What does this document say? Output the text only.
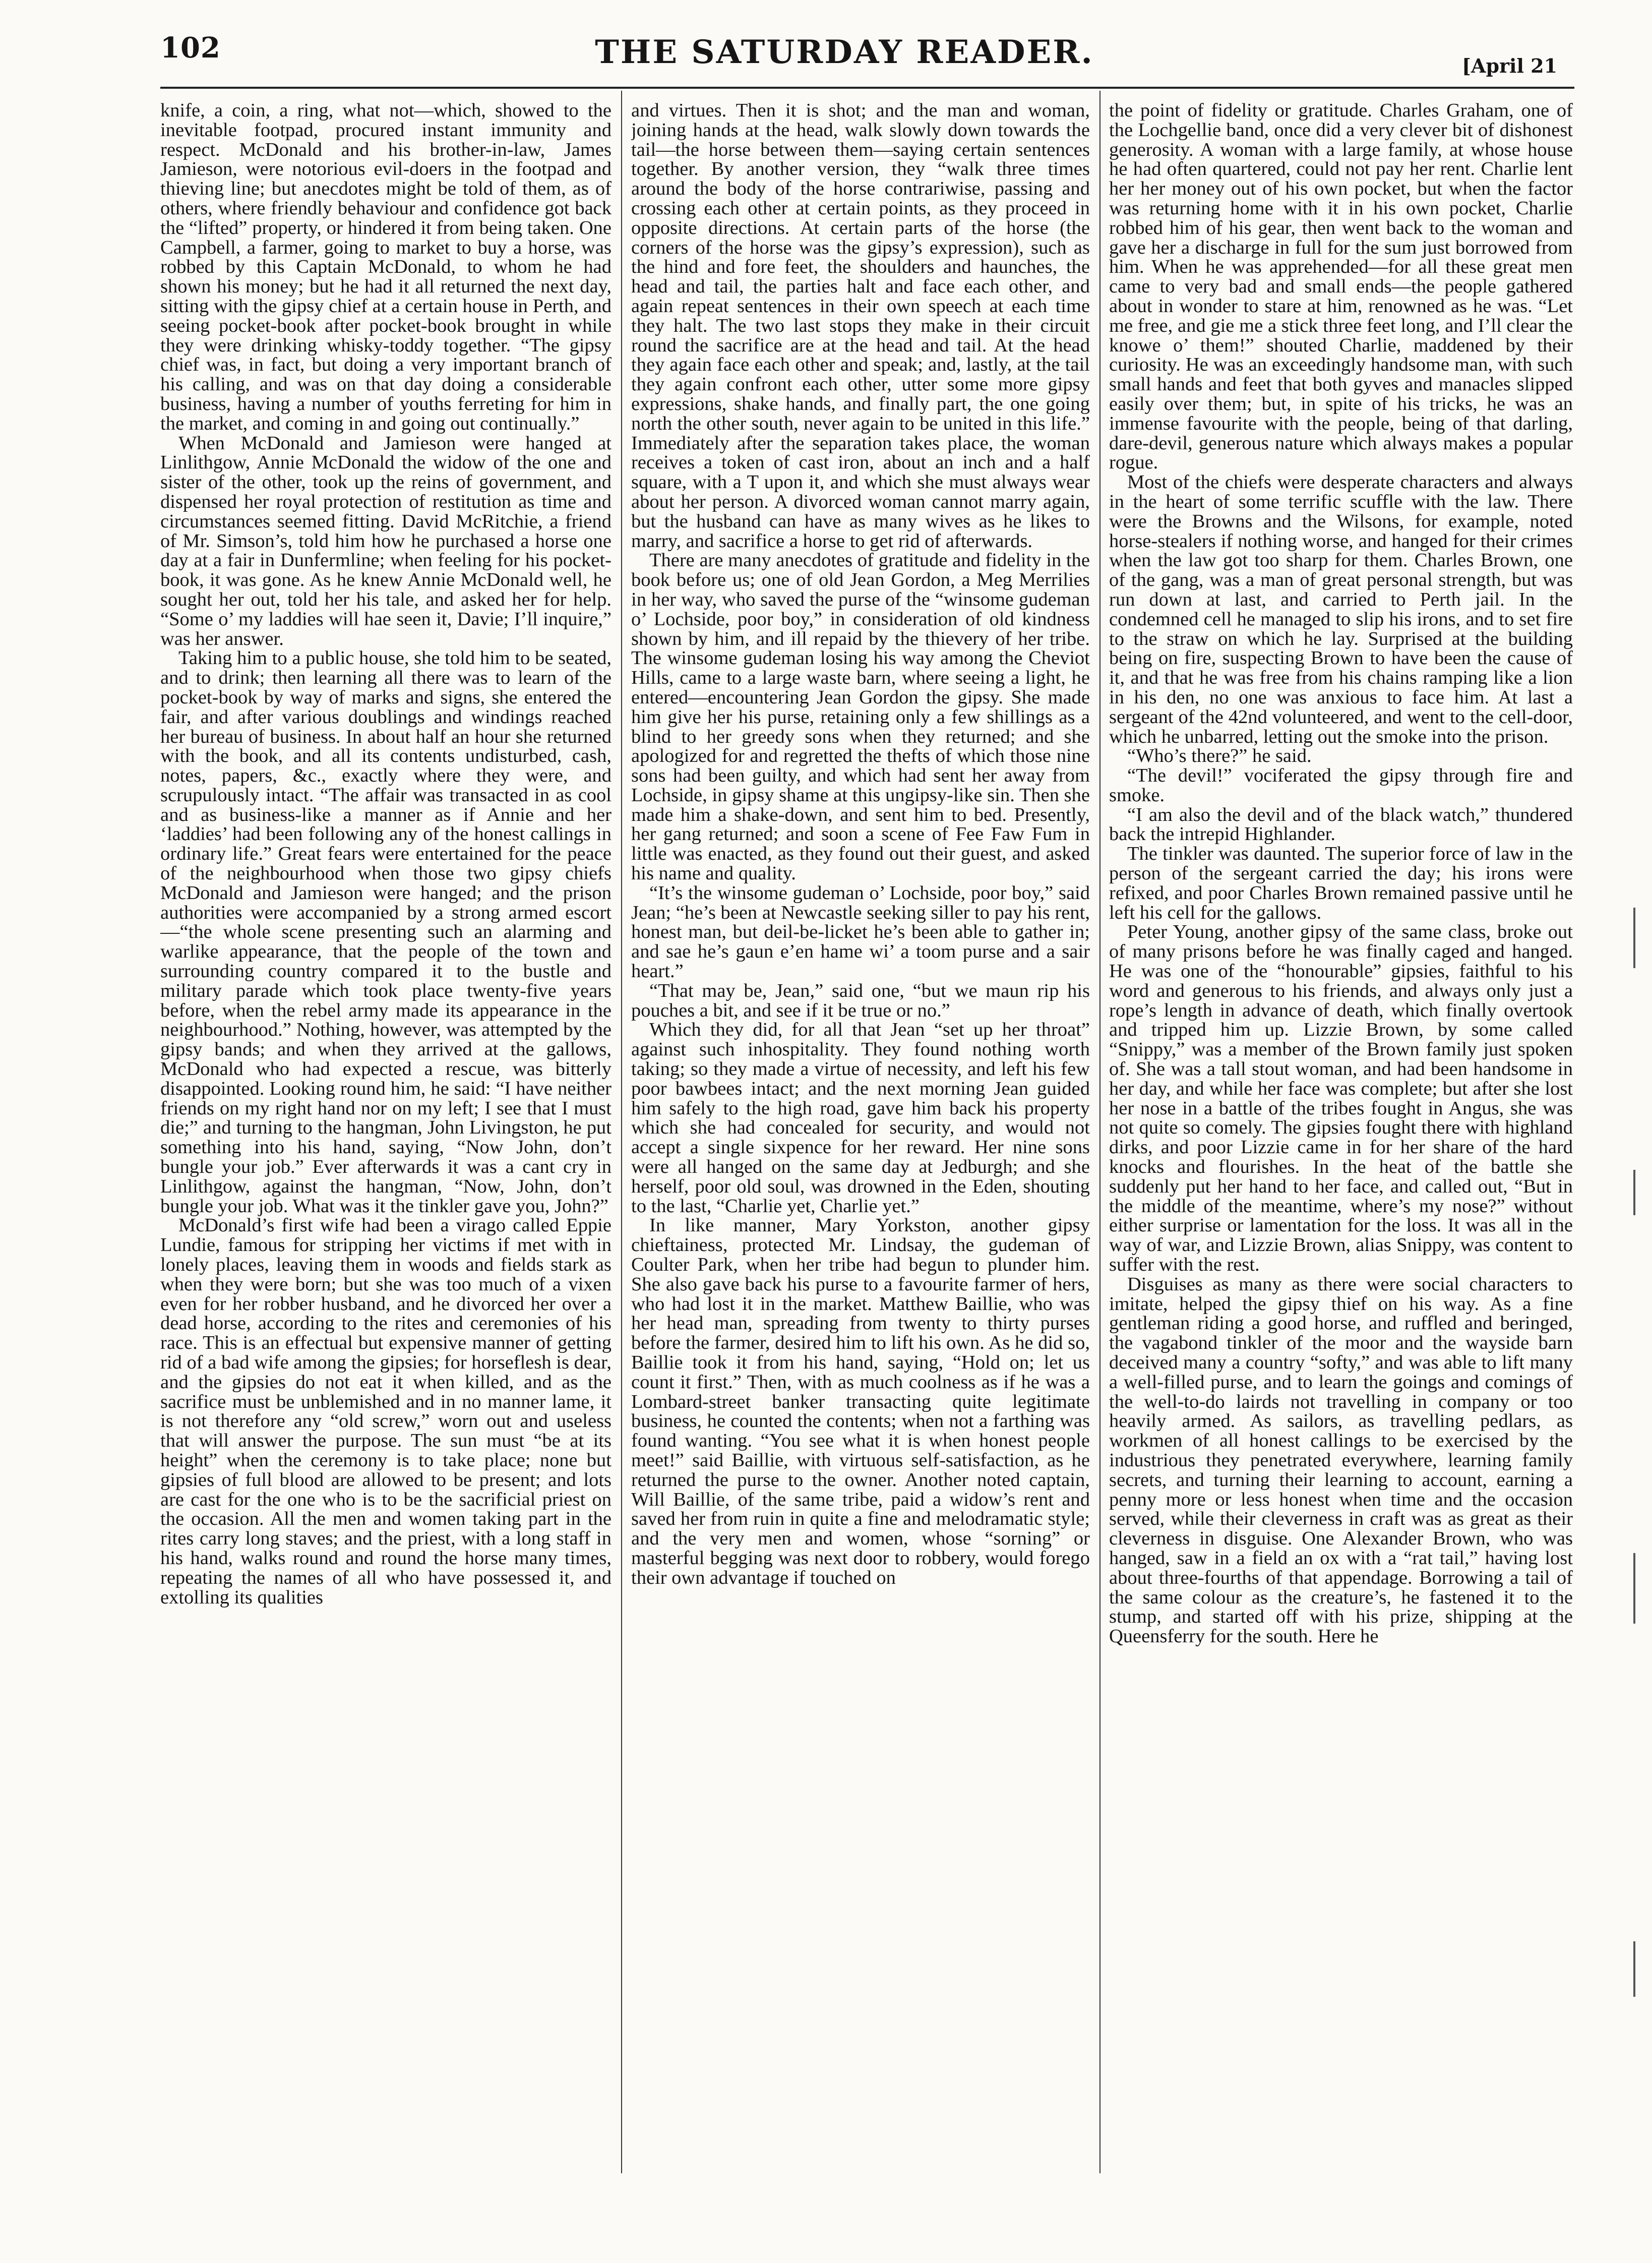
102	THE SATURDAY READER.	[April 21

knife, a coin, a ring, what not—which, showed to the inevitable footpad, procured instant immunity and respect. McDonald and his brother-in-law, James Jamieson, were notorious evil-doers in the footpad and thieving line; but anecdotes might be told of them, as of others, where friendly behaviour and confidence got back the “lifted” property, or hindered it from being taken. One Campbell, a farmer, going to market to buy a horse, was robbed by this Captain McDonald, to whom he had shown his money; but he had it all returned the next day, sitting with the gipsy chief at a certain house in Perth, and seeing pocket-book after pocket-book brought in while they were drinking whisky-toddy together. “The gipsy chief was, in fact, but doing a very important branch of his calling, and was on that day doing a considerable business, having a number of youths ferreting for him in the market, and coming in and going out continually.”

When McDonald and Jamieson were hanged at Linlithgow, Annie McDonald the widow of the one and sister of the other, took up the reins of government, and dispensed her royal protection of restitution as time and circumstances seemed fitting. David McRitchie, a friend of Mr. Simson’s, told him how he purchased a horse one day at a fair in Dunfermline; when feeling for his pocket-book, it was gone. As he knew Annie McDonald well, he sought her out, told her his tale, and asked her for help. “Some o’ my laddies will hae seen it, Davie; I’ll inquire,” was her answer.

Taking him to a public house, she told him to be seated, and to drink; then learning all there was to learn of the pocket-book by way of marks and signs, she entered the fair, and after various doublings and windings reached her bureau of business. In about half an hour she returned with the book, and all its contents undisturbed, cash, notes, papers, &c., exactly where they were, and scrupulously intact. “The affair was transacted in as cool and as business-like a manner as if Annie and her ‘laddies’ had been following any of the honest callings in ordinary life.” Great fears were entertained for the peace of the neighbourhood when those two gipsy chiefs McDonald and Jamieson were hanged; and the prison authorities were accompanied by a strong armed escort—“the whole scene presenting such an alarming and warlike appearance, that the people of the town and surrounding country compared it to the bustle and military parade which took place twenty-five years before, when the rebel army made its appearance in the neighbourhood.” Nothing, however, was attempted by the gipsy bands; and when they arrived at the gallows, McDonald who had expected a rescue, was bitterly disappointed. Looking round him, he said: “I have neither friends on my right hand nor on my left; I see that I must die;” and turning to the hangman, John Livingston, he put something into his hand, saying, “Now John, don’t bungle your job.” Ever afterwards it was a cant cry in Linlithgow, against the hangman, “Now, John, don’t bungle your job. What was it the tinkler gave you, John?”

McDonald’s first wife had been a virago called Eppie Lundie, famous for stripping her victims if met with in lonely places, leaving them in woods and fields stark as when they were born; but she was too much of a vixen even for her robber husband, and he divorced her over a dead horse, according to the rites and ceremonies of his race. This is an effectual but expensive manner of getting rid of a bad wife among the gipsies; for horseflesh is dear, and the gipsies do not eat it when killed, and as the sacrifice must be unblemished and in no manner lame, it is not therefore any “old screw,” worn out and useless that will answer the purpose. The sun must “be at its height” when the ceremony is to take place; none but gipsies of full blood are allowed to be present; and lots are cast for the one who is to be the sacrificial priest on the occasion. All the men and women taking part in the rites carry long staves; and the priest, with a long staff in his hand, walks round and round the horse many times, repeating the names of all who have possessed it, and extolling its qualities

and virtues. Then it is shot; and the man and woman, joining hands at the head, walk slowly down towards the tail—the horse between them—saying certain sentences together. By another version, they “walk three times around the body of the horse contrariwise, passing and crossing each other at certain points, as they proceed in opposite directions. At certain parts of the horse (the corners of the horse was the gipsy’s expression), such as the hind and fore feet, the shoulders and haunches, the head and tail, the parties halt and face each other, and again repeat sentences in their own speech at each time they halt. The two last stops they make in their circuit round the sacrifice are at the head and tail. At the head they again face each other and speak; and, lastly, at the tail they again confront each other, utter some more gipsy expressions, shake hands, and finally part, the one going north the other south, never again to be united in this life.” Immediately after the separation takes place, the woman receives a token of cast iron, about an inch and a half square, with a T upon it, and which she must always wear about her person. A divorced woman cannot marry again, but the husband can have as many wives as he likes to marry, and sacrifice a horse to get rid of afterwards.

There are many anecdotes of gratitude and fidelity in the book before us; one of old Jean Gordon, a Meg Merrilies in her way, who saved the purse of the “winsome gudeman o’ Lochside, poor boy,” in consideration of old kindness shown by him, and ill repaid by the thievery of her tribe. The winsome gudeman losing his way among the Cheviot Hills, came to a large waste barn, where seeing a light, he entered—encountering Jean Gordon the gipsy. She made him give her his purse, retaining only a few shillings as a blind to her greedy sons when they returned; and she apologized for and regretted the thefts of which those nine sons had been guilty, and which had sent her away from Lochside, in gipsy shame at this ungipsy-like sin. Then she made him a shake-down, and sent him to bed. Presently, her gang returned; and soon a scene of Fee Faw Fum in little was enacted, as they found out their guest, and asked his name and quality.

“It’s the winsome gudeman o’ Lochside, poor boy,” said Jean; “he’s been at Newcastle seeking siller to pay his rent, honest man, but deil-be-licket he’s been able to gather in; and sae he’s gaun e’en hame wi’ a toom purse and a sair heart.”

“That may be, Jean,” said one, “but we maun rip his pouches a bit, and see if it be true or no.”

Which they did, for all that Jean “set up her throat” against such inhospitality. They found nothing worth taking; so they made a virtue of necessity, and left his few poor bawbees intact; and the next morning Jean guided him safely to the high road, gave him back his property which she had concealed for security, and would not accept a single sixpence for her reward. Her nine sons were all hanged on the same day at Jedburgh; and she herself, poor old soul, was drowned in the Eden, shouting to the last, “Charlie yet, Charlie yet.”

In like manner, Mary Yorkston, another gipsy chieftainess, protected Mr. Lindsay, the gudeman of Coulter Park, when her tribe had begun to plunder him. She also gave back his purse to a favourite farmer of hers, who had lost it in the market. Matthew Baillie, who was her head man, spreading from twenty to thirty purses before the farmer, desired him to lift his own. As he did so, Baillie took it from his hand, saying, “Hold on; let us count it first.” Then, with as much coolness as if he was a Lombard-street banker transacting quite legitimate business, he counted the contents; when not a farthing was found wanting. “You see what it is when honest people meet!” said Baillie, with virtuous self-satisfaction, as he returned the purse to the owner. Another noted captain, Will Baillie, of the same tribe, paid a widow’s rent and saved her from ruin in quite a fine and melodramatic style; and the very men and women, whose “sorning” or masterful begging was next door to robbery, would forego their own advantage if touched on

the point of fidelity or gratitude. Charles Graham, one of the Lochgellie band, once did a very clever bit of dishonest generosity. A woman with a large family, at whose house he had often quartered, could not pay her rent. Charlie lent her her money out of his own pocket, but when the factor was returning home with it in his own pocket, Charlie robbed him of his gear, then went back to the woman and gave her a discharge in full for the sum just borrowed from him. When he was apprehended—for all these great men came to very bad and small ends—the people gathered about in wonder to stare at him, renowned as he was. “Let me free, and gie me a stick three feet long, and I’ll clear the knowe o’ them!” shouted Charlie, maddened by their curiosity. He was an exceedingly handsome man, with such small hands and feet that both gyves and manacles slipped easily over them; but, in spite of his tricks, he was an immense favourite with the people, being of that darling, dare-devil, generous nature which always makes a popular rogue.

Most of the chiefs were desperate characters and always in the heart of some terrific scuffle with the law. There were the Browns and the Wilsons, for example, noted horse-stealers if nothing worse, and hanged for their crimes when the law got too sharp for them. Charles Brown, one of the gang, was a man of great personal strength, but was run down at last, and carried to Perth jail. In the condemned cell he managed to slip his irons, and to set fire to the straw on which he lay. Surprised at the building being on fire, suspecting Brown to have been the cause of it, and that he was free from his chains ramping like a lion in his den, no one was anxious to face him. At last a sergeant of the 42nd volunteered, and went to the cell-door, which he unbarred, letting out the smoke into the prison.

“Who’s there?” he said.

“The devil!” vociferated the gipsy through fire and smoke.

“I am also the devil and of the black watch,” thundered back the intrepid Highlander.

The tinkler was daunted. The superior force of law in the person of the sergeant carried the day; his irons were refixed, and poor Charles Brown remained passive until he left his cell for the gallows.

Peter Young, another gipsy of the same class, broke out of many prisons before he was finally caged and hanged. He was one of the “honourable” gipsies, faithful to his word and generous to his friends, and always only just a rope’s length in advance of death, which finally overtook and tripped him up. Lizzie Brown, by some called “Snippy,” was a member of the Brown family just spoken of. She was a tall stout woman, and had been handsome in her day, and while her face was complete; but after she lost her nose in a battle of the tribes fought in Angus, she was not quite so comely. The gipsies fought there with highland dirks, and poor Lizzie came in for her share of the hard knocks and flourishes. In the heat of the battle she suddenly put her hand to her face, and called out, “But in the middle of the meantime, where’s my nose?” without either surprise or lamentation for the loss. It was all in the way of war, and Lizzie Brown, alias Snippy, was content to suffer with the rest.

Disguises as many as there were social characters to imitate, helped the gipsy thief on his way. As a fine gentleman riding a good horse, and ruffled and beringed, the vagabond tinkler of the moor and the wayside barn deceived many a country “softy,” and was able to lift many a well-filled purse, and to learn the goings and comings of the well-to-do lairds not travelling in company or too heavily armed. As sailors, as travelling pedlars, as workmen of all honest callings to be exercised by the industrious they penetrated everywhere, learning family secrets, and turning their learning to account, earning a penny more or less honest when time and the occasion served, while their cleverness in craft was as great as their cleverness in disguise. One Alexander Brown, who was hanged, saw in a field an ox with a “rat tail,” having lost about three-fourths of that appendage. Borrowing a tail of the same colour as the creature’s, he fastened it to the stump, and started off with his prize, shipping at the Queensferry for the south. Here he
